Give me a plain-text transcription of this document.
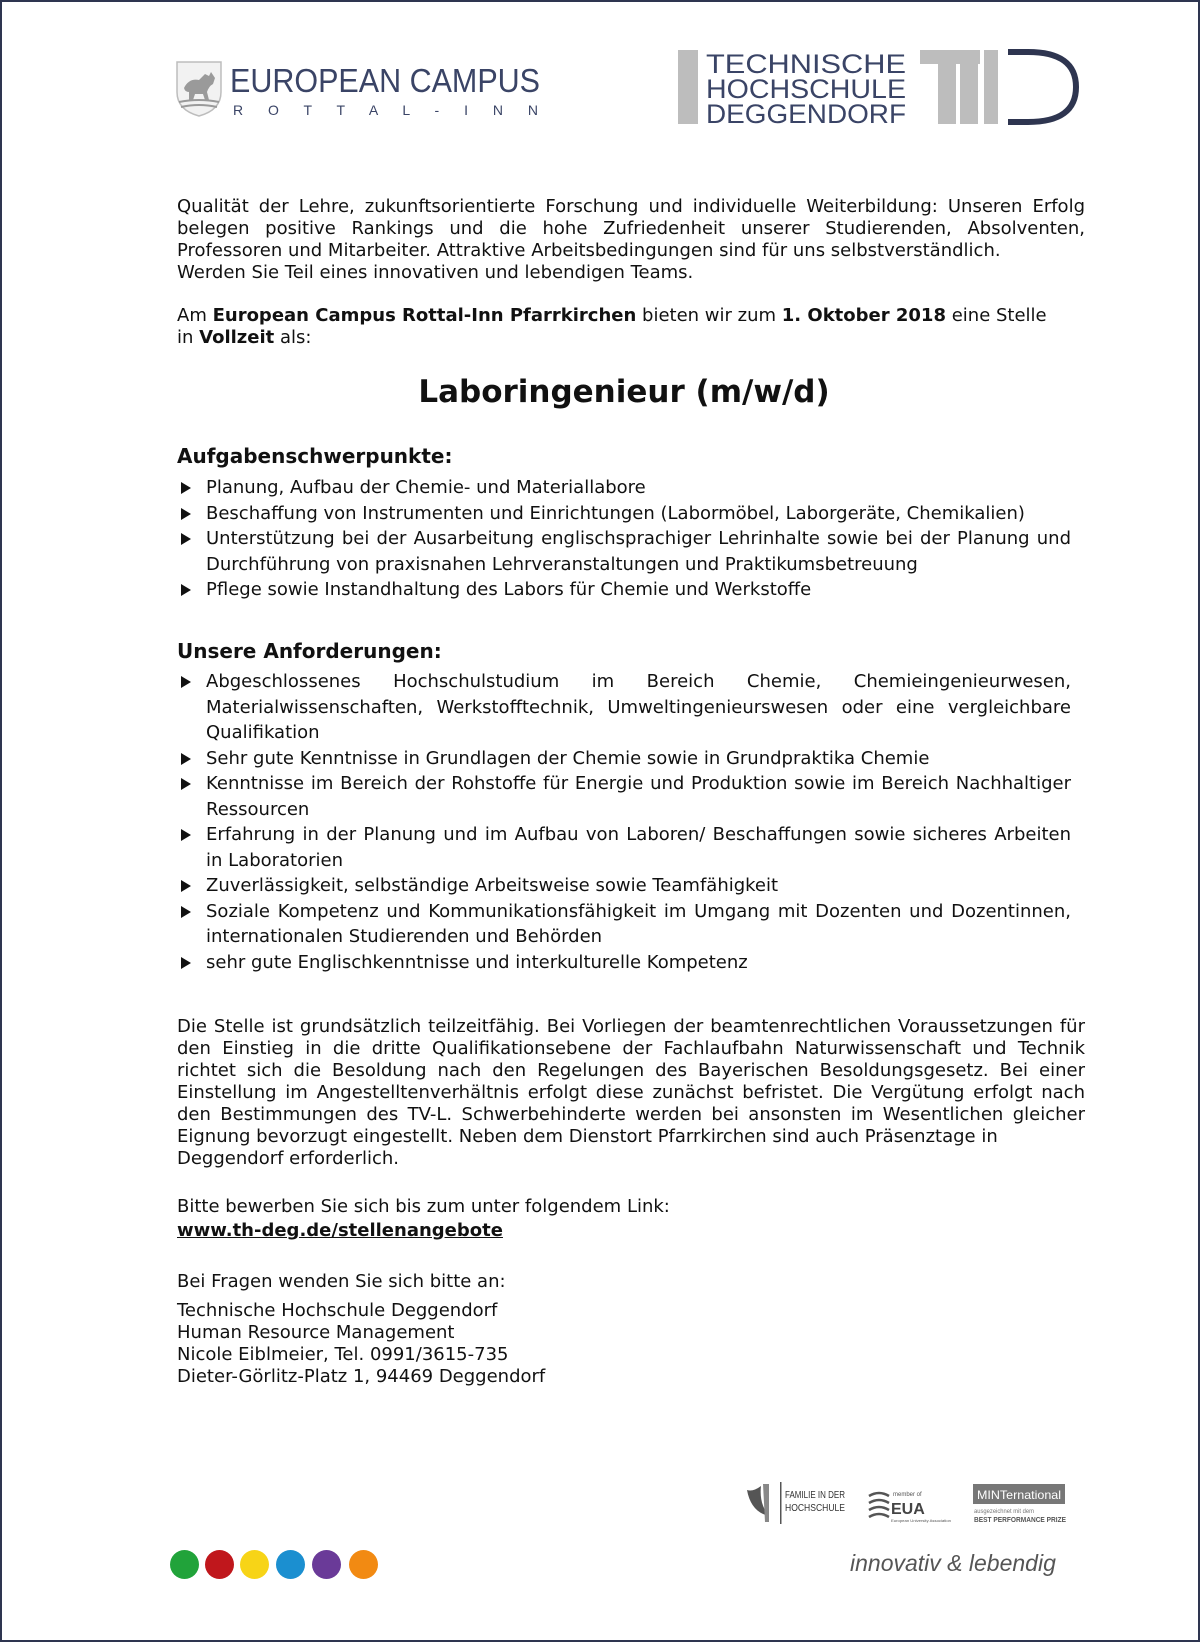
EUROPEAN CAMPUS
R O T T A L - I N N
TECHNISCHE
HOCHSCHULE
DEGGENDORF
Qualität der Lehre, zukunftsorientierte Forschung und individuelle Weiterbildung: Unseren Erfolg belegen positive Rankings und die hohe Zufriedenheit unserer Studierenden, Absolventen, Professoren und Mitarbeiter. Attraktive Arbeitsbedingungen sind für uns selbstverständlich.
Werden Sie Teil eines innovativen und lebendigen Teams.
Am European Campus Rottal-Inn Pfarrkirchen bieten wir zum 1. Oktober 2018 eine Stelle
in Vollzeit als:
Laboringenieur (m/w/d)
Aufgabenschwerpunkte:
Planung, Aufbau der Chemie- und Materiallabore
Beschaffung von Instrumenten und Einrichtungen (Labormöbel, Laborgeräte, Chemikalien)
Unterstützung bei der Ausarbeitung englischsprachiger Lehrinhalte sowie bei der Planung und Durchführung von praxisnahen Lehrveranstaltungen und Praktikumsbetreuung
Pflege sowie Instandhaltung des Labors für Chemie und Werkstoffe
Unsere Anforderungen:
Abgeschlossenes Hochschulstudium im Bereich Chemie, Chemieingenieurwesen, Materialwissenschaften, Werkstofftechnik, Umweltingenieurswesen oder eine vergleichbare Qualifikation
Sehr gute Kenntnisse in Grundlagen der Chemie sowie in Grundpraktika Chemie
Kenntnisse im Bereich der Rohstoffe für Energie und Produktion sowie im Bereich Nachhaltiger Ressourcen
Erfahrung in der Planung und im Aufbau von Laboren/ Beschaffungen sowie sicheres Arbeiten in Laboratorien
Zuverlässigkeit, selbständige Arbeitsweise sowie Teamfähigkeit
Soziale Kompetenz und Kommunikationsfähigkeit im Umgang mit Dozenten und Dozentinnen, internationalen Studierenden und Behörden
sehr gute Englischkenntnisse und interkulturelle Kompetenz
Die Stelle ist grundsätzlich teilzeitfähig. Bei Vorliegen der beamtenrechtlichen Voraussetzungen für den Einstieg in die dritte Qualifikationsebene der Fachlaufbahn Naturwissenschaft und Technik richtet sich die Besoldung nach den Regelungen des Bayerischen Besoldungsgesetz. Bei einer Einstellung im Angestelltenverhältnis erfolgt diese zunächst befristet. Die Vergütung erfolgt nach den Bestimmungen des TV-L. Schwerbehinderte werden bei ansonsten im Wesentlichen gleicher Eignung bevorzugt eingestellt. Neben dem Dienstort Pfarrkirchen sind auch Präsenztage in
Deggendorf erforderlich.

Bitte bewerben Sie sich bis zum unter folgendem Link:

www.th-deg.de/stellenangebote

Bei Fragen wenden Sie sich bitte an:

Technische Hochschule Deggendorf
Human Resource Management
Nicole Eiblmeier, Tel. 0991/3615-735
Dieter-Görlitz-Platz 1, 94469 Deggendorf
FAMILIE IN DER
HOCHSCHULE
member of
EUA
European University Association
MINTernational
ausgezeichnet mit dem
BEST PERFORMANCE PRIZE

innovativ & lebendig
